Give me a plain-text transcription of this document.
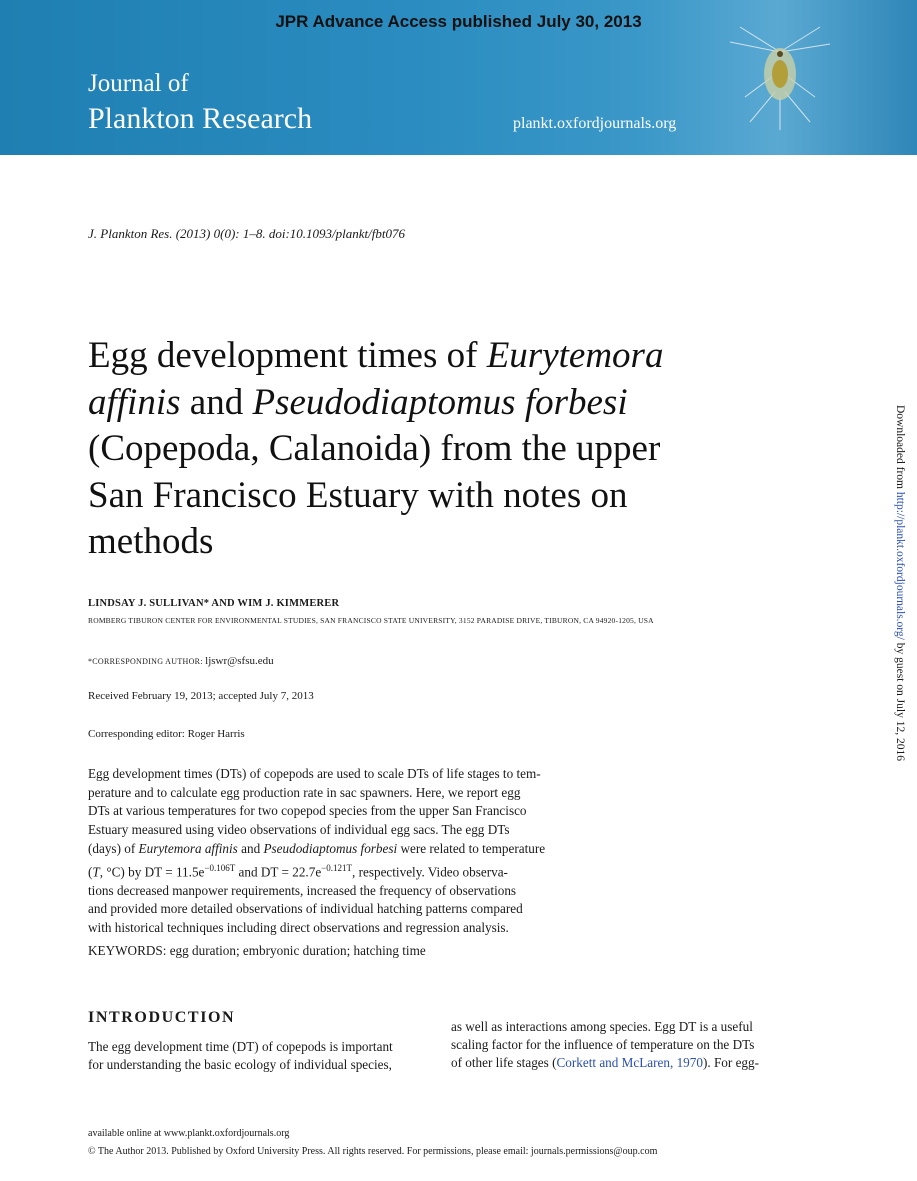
JPR Advance Access published July 30, 2013
Journal of
Plankton Research	plankt.oxfordjournals.org
J. Plankton Res. (2013) 0(0): 1–8. doi:10.1093/plankt/fbt076
Egg development times of Eurytemora
affinis and Pseudodiaptomus forbesi
(Copepoda, Calanoida) from the upper
San Francisco Estuary with notes on
methods
LINDSAY J. SULLIVAN* AND WIM J. KIMMERER
ROMBERG TIBURON CENTER FOR ENVIRONMENTAL STUDIES, SAN FRANCISCO STATE UNIVERSITY, 3152 PARADISE DRIVE, TIBURON, CA 94920-1205, USA
*CORRESPONDING AUTHOR: ljswr@sfsu.edu
Received February 19, 2013; accepted July 7, 2013
Corresponding editor: Roger Harris
Egg development times (DTs) of copepods are used to scale DTs of life stages to tem-
perature and to calculate egg production rate in sac spawners. Here, we report egg
DTs at various temperatures for two copepod species from the upper San Francisco
Estuary measured using video observations of individual egg sacs. The egg DTs
(days) of Eurytemora affinis and Pseudodiaptomus forbesi were related to temperature
(T, °C) by DT = $11.5e^{-0.106T}$ and DT = $22.7e^{-0.121T}$, respectively. Video observa-
tions decreased manpower requirements, increased the frequency of observations
and provided more detailed observations of individual hatching patterns compared
with historical techniques including direct observations and regression analysis.
KEYWORDS: egg duration; embryonic duration; hatching time
INTRODUCTION
The egg development time (DT) of copepods is important
for understanding the basic ecology of individual species,
as well as interactions among species. Egg DT is a useful
scaling factor for the influence of temperature on the DTs
of other life stages (Corkett and McLaren, 1970). For egg-
available online at www.plankt.oxfordjournals.org
© The Author 2013. Published by Oxford University Press. All rights reserved. For permissions, please email: journals.permissions@oup.com
Downloaded from http://plankt.oxfordjournals.org/ by guest on July 12, 2016
